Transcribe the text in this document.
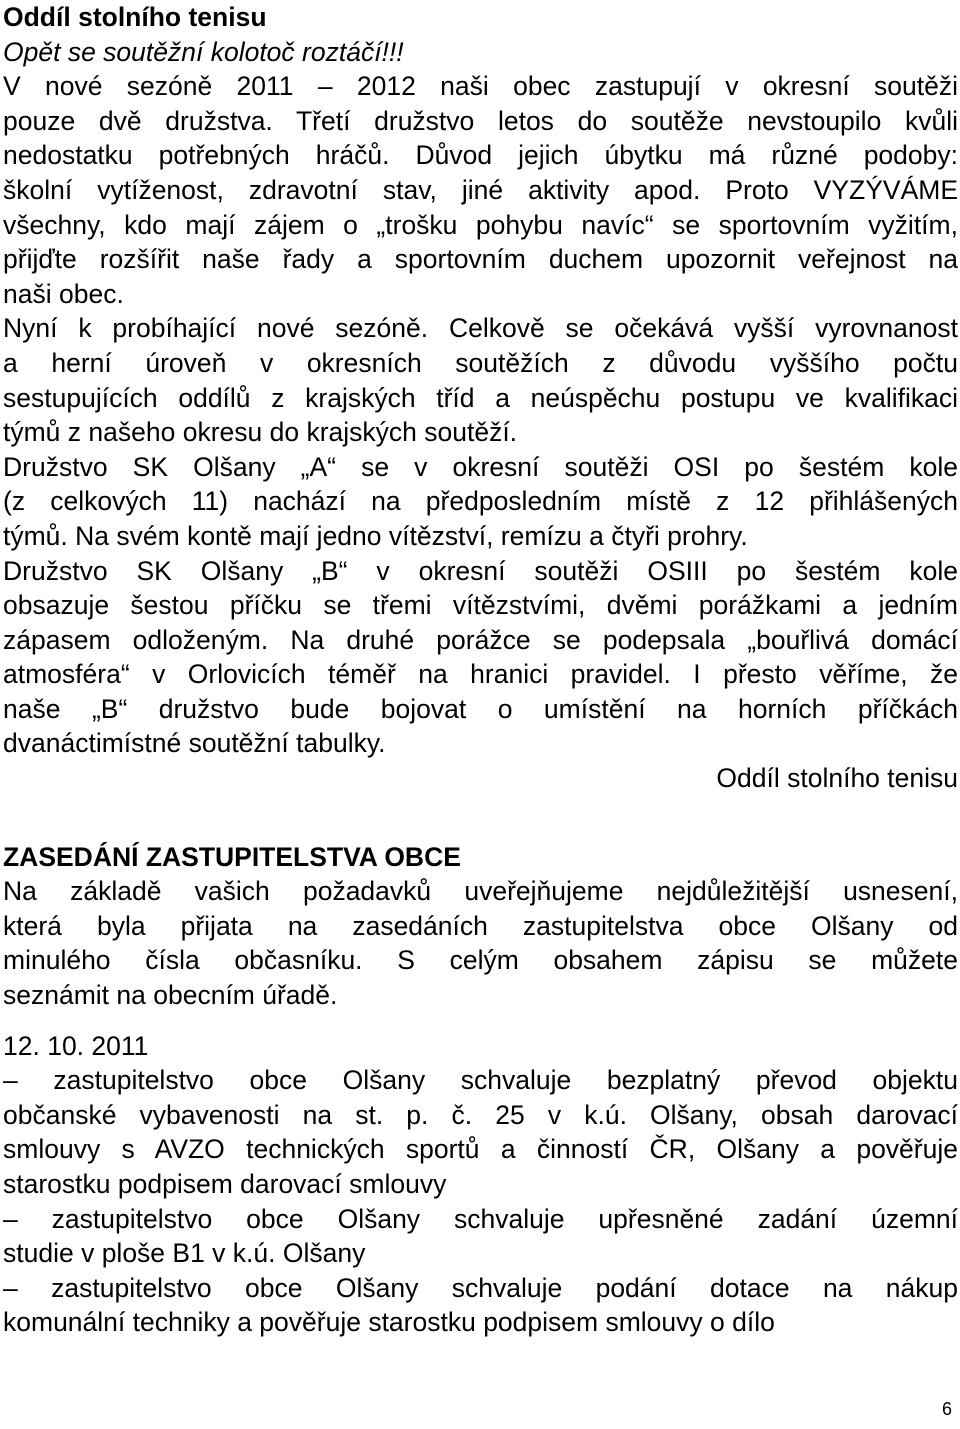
Oddíl stolního tenisu
Opět se soutěžní kolotoč roztáčí!!!
V nové sezóně 2011 – 2012 naši obec zastupují v okresní soutěži
pouze dvě družstva. Třetí družstvo letos do soutěže nevstoupilo kvůli
nedostatku potřebných hráčů. Důvod jejich úbytku má různé podoby:
školní vytíženost, zdravotní stav, jiné aktivity apod. Proto VYZÝVÁME
všechny, kdo mají zájem o „trošku pohybu navíc“ se sportovním vyžitím,
přijďte rozšířit naše řady a sportovním duchem upozornit veřejnost na
naši obec.
Nyní k probíhající nové sezóně. Celkově se očekává vyšší vyrovnanost
a herní úroveň v okresních soutěžích z důvodu vyššího počtu
sestupujících oddílů z krajských tříd a neúspěchu postupu ve kvalifikaci
týmů z našeho okresu do krajských soutěží.
Družstvo SK Olšany „A“ se v okresní soutěži OSI po šestém kole
(z celkových 11) nachází na předposledním místě z 12 přihlášených
týmů. Na svém kontě mají jedno vítězství, remízu a čtyři prohry.
Družstvo SK Olšany „B“ v okresní soutěži OSIII po šestém kole
obsazuje šestou příčku se třemi vítězstvími, dvěmi porážkami a jedním
zápasem odloženým. Na druhé porážce se podepsala „bouřlivá domácí
atmosféra“ v Orlovicích téměř na hranici pravidel. I přesto věříme, že
naše „B“ družstvo bude bojovat o umístění na horních příčkách
dvanáctimístné soutěžní tabulky.
Oddíl stolního tenisu
ZASEDÁNÍ ZASTUPITELSTVA OBCE
Na základě vašich požadavků uveřejňujeme nejdůležitější usnesení,
která byla přijata na zasedáních zastupitelstva obce Olšany od
minulého čísla občasníku. S celým obsahem zápisu se můžete
seznámit na obecním úřadě.
12. 10. 2011
– zastupitelstvo obce Olšany schvaluje bezplatný převod objektu
občanské vybavenosti na st. p. č. 25 v k.ú. Olšany, obsah darovací
smlouvy s AVZO technických sportů a činností ČR, Olšany a pověřuje
starostku podpisem darovací smlouvy
– zastupitelstvo obce Olšany schvaluje upřesněné zadání územní
studie v ploše B1 v k.ú. Olšany
– zastupitelstvo obce Olšany schvaluje podání dotace na nákup
komunální techniky a pověřuje starostku podpisem smlouvy o dílo
6
